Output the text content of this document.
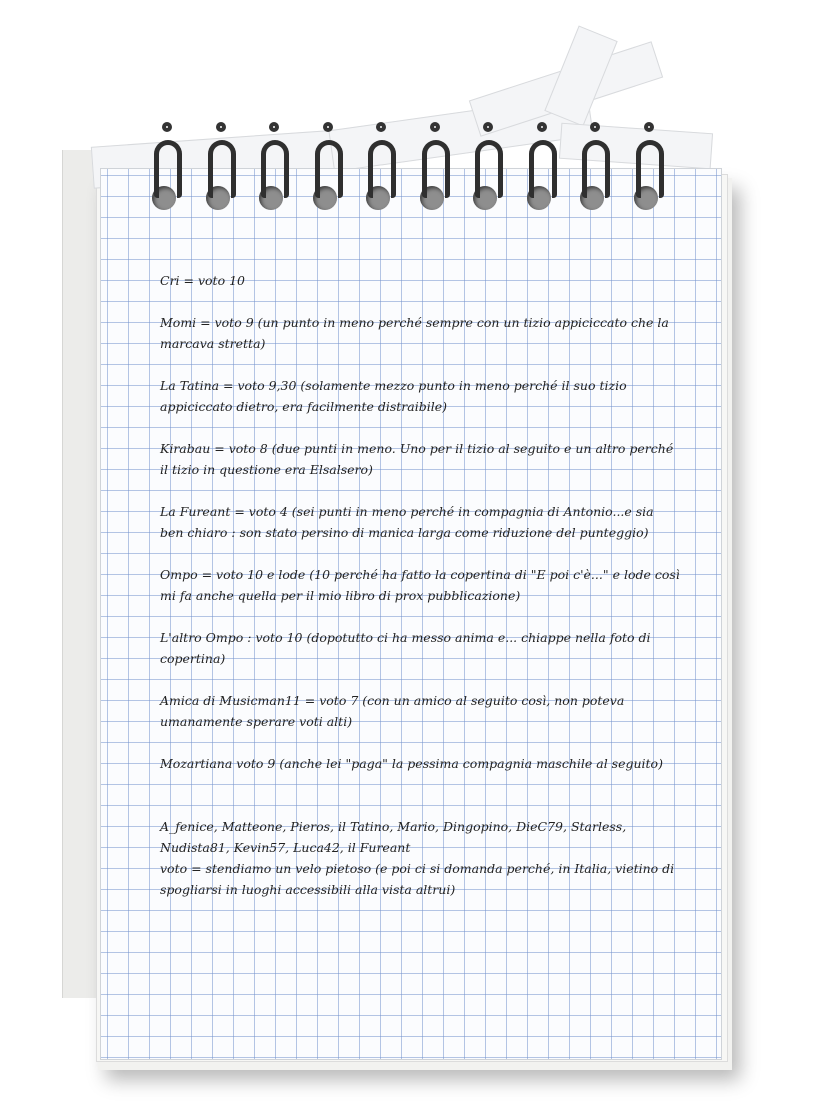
Cri = voto 10
Momi = voto 9 (un punto in meno perché sempre con un tizio appiciccato che la marcava stretta)
La Tatina = voto 9,30 (solamente mezzo punto in meno perché il suo tizio appiciccato dietro, era facilmente distraibile)
Kirabau = voto 8 (due punti in meno. Uno per il tizio al seguito e un altro perché il tizio in questione era Elsalsero)
La Fureant = voto 4 (sei punti in meno perché in compagnia di Antonio...e sia ben chiaro : son stato persino di manica larga come riduzione del punteggio)
Ompo = voto 10 e lode (10 perché ha fatto la copertina di "E poi c'è..." e lode così mi fa anche quella per il mio libro di prox pubblicazione)
L'altro Ompo : voto 10 (dopotutto ci ha messo anima e... chiappe nella foto di copertina)
Amica di Musicman11 = voto 7 (con un amico al seguito così, non poteva umanamente sperare voti alti)
Mozartiana voto 9 (anche lei "paga" la pessima compagnia maschile al seguito)
A_fenice, Matteone, Pieros, il Tatino, Mario, Dingopino, DieC79, Starless, Nudista81, Kevin57, Luca42, il Fureant
voto = stendiamo un velo pietoso (e poi ci si domanda perché, in Italia, vietino di spogliarsi in luoghi accessibili alla vista altrui)
